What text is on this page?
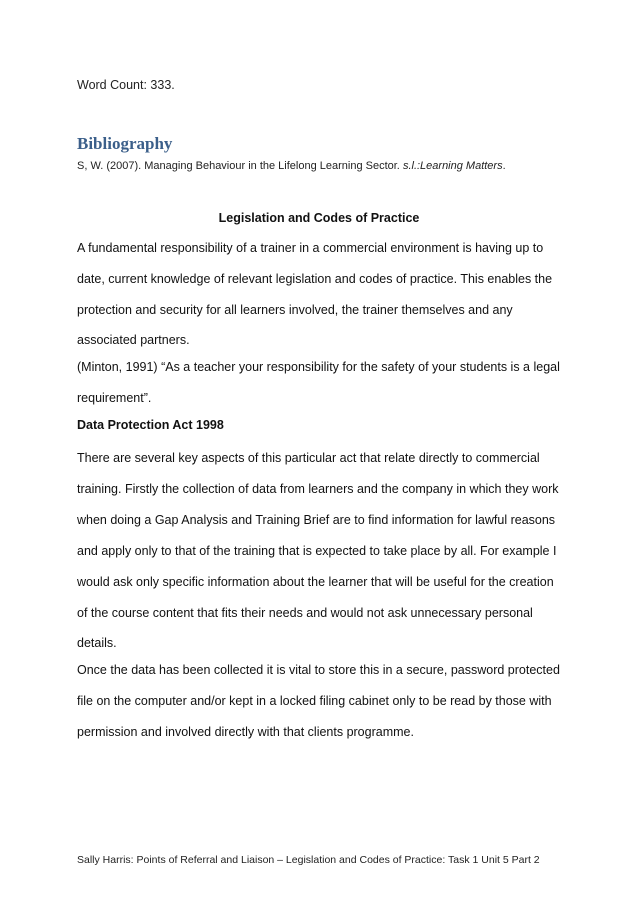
Word Count: 333.
Bibliography
S, W. (2007). Managing Behaviour in the Lifelong Learning Sector. s.l.:Learning Matters.
Legislation and Codes of Practice
A fundamental responsibility of a trainer in a commercial environment is having up to
date, current knowledge of relevant legislation and codes of practice. This enables the
protection and security for all learners involved, the trainer themselves and any
associated partners.
(Minton, 1991) “As a teacher your responsibility for the safety of your students is a legal
requirement”.
Data Protection Act 1998
There are several key aspects of this particular act that relate directly to commercial
training. Firstly the collection of data from learners and the company in which they work
when doing a Gap Analysis and Training Brief are to find information for lawful reasons
and apply only to that of the training that is expected to take place by all. For example I
would ask only specific information about the learner that will be useful for the creation
of the course content that fits their needs and would not ask unnecessary personal
details.
Once the data has been collected it is vital to store this in a secure, password protected
file on the computer and/or kept in a locked filing cabinet only to be read by those with
permission and involved directly with that clients programme.
Sally Harris: Points of Referral and Liaison – Legislation and Codes of Practice: Task 1 Unit 5 Part 2
